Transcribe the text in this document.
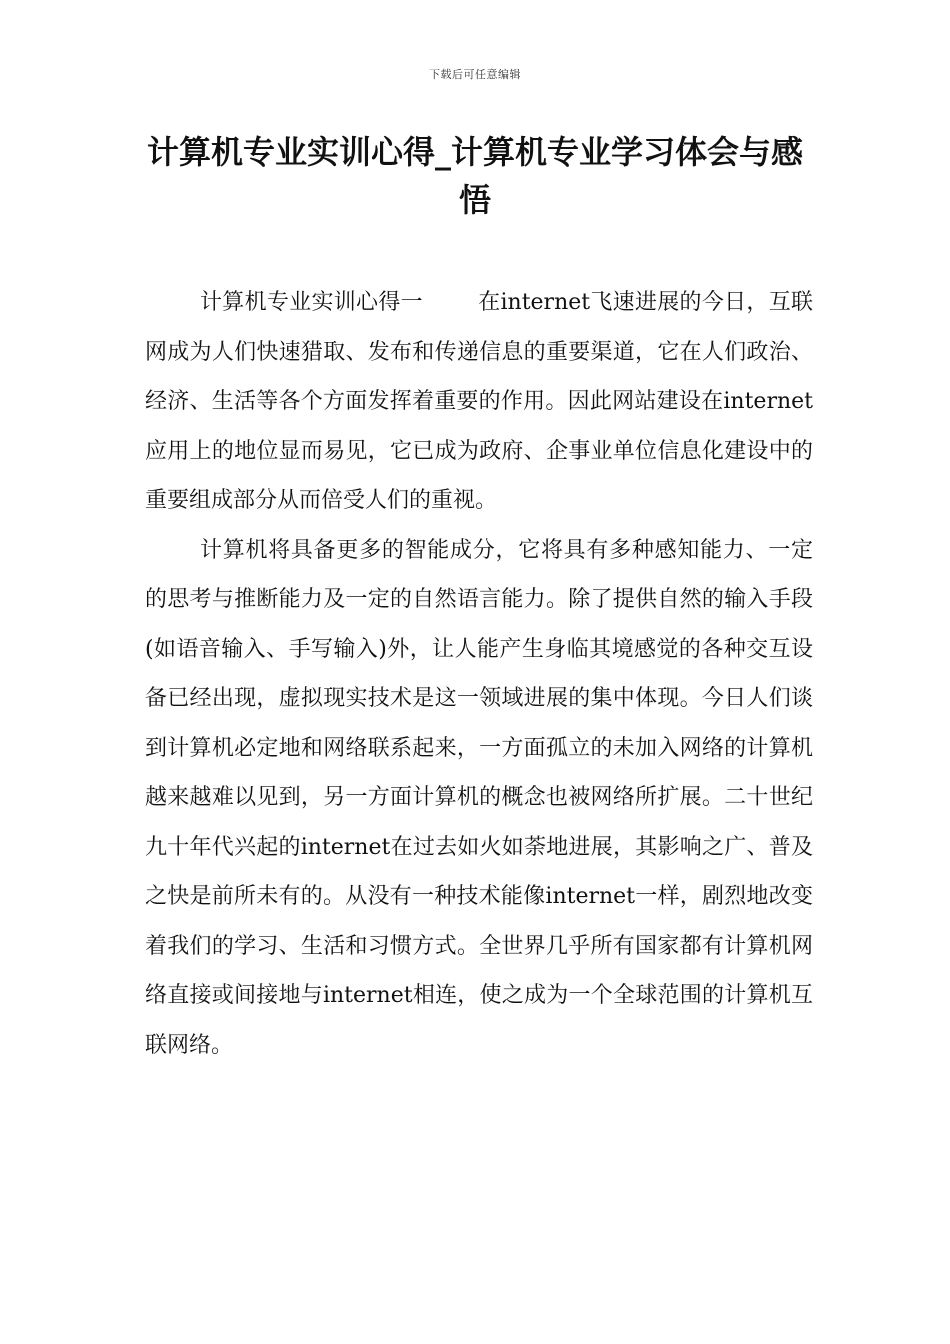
下载后可任意编辑
计算机专业实训心得_计算机专业学习体会与感悟

计算机专业实训心得一	在internet飞速进展的今日，互联网成为人们快速猎取、发布和传递信息的重要渠道，它在人们政治、经济、生活等各个方面发挥着重要的作用。因此网站建设在internet应用上的地位显而易见，它已成为政府、企事业单位信息化建设中的重要组成部分从而倍受人们的重视。

计算机将具备更多的智能成分，它将具有多种感知能力、一定的思考与推断能力及一定的自然语言能力。除了提供自然的输入手段(如语音输入、手写输入)外，让人能产生身临其境感觉的各种交互设备已经出现，虚拟现实技术是这一领域进展的集中体现。今日人们谈到计算机必定地和网络联系起来，一方面孤立的未加入网络的计算机越来越难以见到，另一方面计算机的概念也被网络所扩展。二十世纪九十年代兴起的internet在过去如火如荼地进展，其影响之广、普及之快是前所未有的。从没有一种技术能像internet一样，剧烈地改变着我们的学习、生活和习惯方式。全世界几乎所有国家都有计算机网络直接或间接地与internet相连，使之成为一个全球范围的计算机互联网络。
